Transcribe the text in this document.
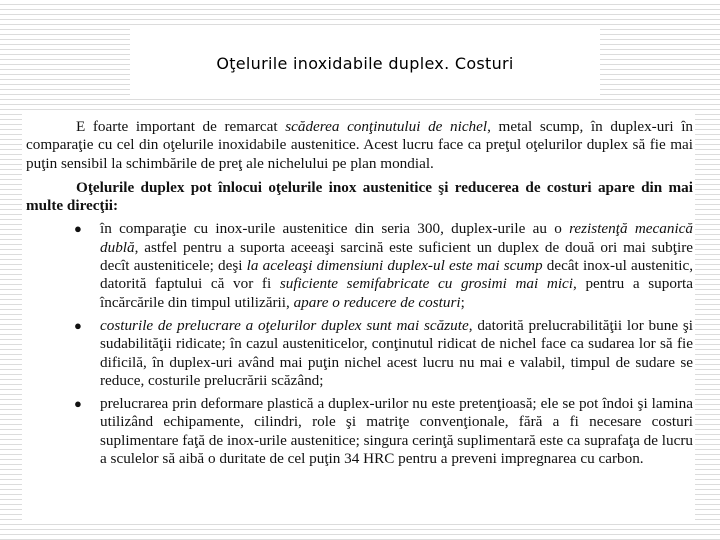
Oţelurile inoxidabile duplex. Costuri

E foarte important de remarcat scăderea conţinutului de nichel, metal scump, în duplex-uri în comparaţie cu cel din oţelurile inoxidabile austenitice. Acest lucru face ca preţul oţelurilor duplex să fie mai puţin sensibil la schimbările de preţ ale nichelului pe plan mondial.

Oţelurile duplex pot înlocui oţelurile inox austenitice şi reducerea de costuri apare din mai multe direcţii:

● în comparaţie cu inox-urile austenitice din seria 300, duplex-urile au o rezistenţă mecanică dublă, astfel pentru a suporta aceeaşi sarcină este suficient un duplex de două ori mai subţire decît austeniticele; deşi la aceleaşi dimensiuni duplex-ul este mai scump decât inox-ul austenitic, datorită faptului că vor fi suficiente semifabricate cu grosimi mai mici, pentru a suporta încărcările din timpul utilizării, apare o reducere de costuri;
● costurile de prelucrare a oţelurilor duplex sunt mai scăzute, datorită prelucrabilităţii lor bune şi sudabilităţii ridicate; în cazul austeniticelor, conţinutul ridicat de nichel face ca sudarea lor să fie dificilă, în duplex-uri având mai puţin nichel acest lucru nu mai e valabil, timpul de sudare se reduce, costurile prelucrării scăzând;
● prelucrarea prin deformare plastică a duplex-urilor nu este pretenţioasă; ele se pot îndoi şi lamina utilizând echipamente, cilindri, role şi matriţe convenţionale, fără a fi necesare costuri suplimentare faţă de inox-urile austenitice; singura cerinţă suplimentară este ca suprafaţa de lucru a sculelor să aibă o duritate de cel puţin 34 HRC pentru a preveni impregnarea cu carbon.
